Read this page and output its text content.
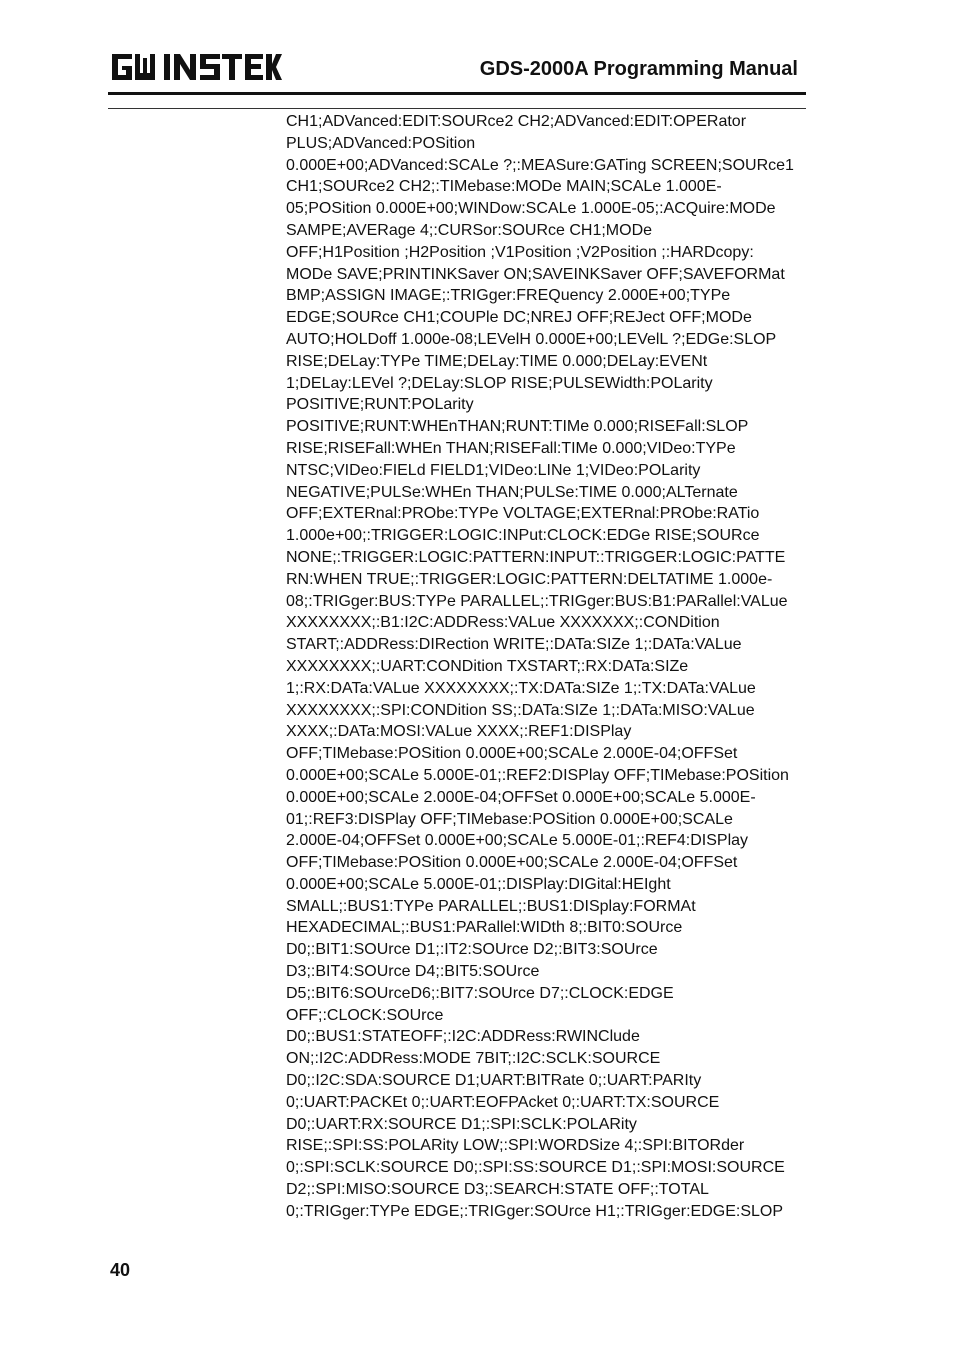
GDS-2000A Programming Manual
CH1;ADVanced:EDIT:SOURce2 CH2;ADVanced:EDIT:OPERator
PLUS;ADVanced:POSition
0.000E+00;ADVanced:SCALe ?;:MEASure:GATing SCREEN;SOURce1
CH1;SOURce2 CH2;:TIMebase:MODe MAIN;SCALe 1.000E-
05;POSition 0.000E+00;WINDow:SCALe 1.000E-05;:ACQuire:MODe
SAMPE;AVERage 4;:CURSor:SOURce CH1;MODe
OFF;H1Position ;H2Position ;V1Position ;V2Position ;:HARDcopy:
MODe SAVE;PRINTINKSaver ON;SAVEINKSaver OFF;SAVEFORMat
BMP;ASSIGN IMAGE;:TRIGger:FREQuency 2.000E+00;TYPe
EDGE;SOURce CH1;COUPle DC;NREJ OFF;REJect OFF;MODe
AUTO;HOLDoff 1.000e-08;LEVelH 0.000E+00;LEVelL ?;EDGe:SLOP
RISE;DELay:TYPe TIME;DELay:TIME 0.000;DELay:EVENt
1;DELay:LEVel ?;DELay:SLOP RISE;PULSEWidth:POLarity
POSITIVE;RUNT:POLarity
POSITIVE;RUNT:WHEnTHAN;RUNT:TIMe 0.000;RISEFall:SLOP
RISE;RISEFall:WHEn THAN;RISEFall:TIMe 0.000;VIDeo:TYPe
NTSC;VIDeo:FIELd FIELD1;VIDeo:LINe 1;VIDeo:POLarity
NEGATIVE;PULSe:WHEn THAN;PULSe:TIME 0.000;ALTernate
OFF;EXTERnal:PRObe:TYPe VOLTAGE;EXTERnal:PRObe:RATio
1.000e+00;:TRIGGER:LOGIC:INPut:CLOCK:EDGe RISE;SOURce
NONE;:TRIGGER:LOGIC:PATTERN:INPUT::TRIGGER:LOGIC:PATTE
RN:WHEN TRUE;:TRIGGER:LOGIC:PATTERN:DELTATIME 1.000e-
08;:TRIGger:BUS:TYPe PARALLEL;:TRIGger:BUS:B1:PARallel:VALue
XXXXXXXX;:B1:I2C:ADDRess:VALue XXXXXXX;:CONDition
START;:ADDRess:DIRection WRITE;:DATa:SIZe 1;:DATa:VALue
XXXXXXXX;:UART:CONDition TXSTART;:RX:DATa:SIZe
1;:RX:DATa:VALue XXXXXXXX;:TX:DATa:SIZe 1;:TX:DATa:VALue
XXXXXXXX;:SPI:CONDition SS;:DATa:SIZe 1;:DATa:MISO:VALue
XXXX;:DATa:MOSI:VALue XXXX;:REF1:DISPlay
OFF;TIMebase:POSition 0.000E+00;SCALe 2.000E-04;OFFSet
0.000E+00;SCALe 5.000E-01;:REF2:DISPlay OFF;TIMebase:POSition
0.000E+00;SCALe 2.000E-04;OFFSet 0.000E+00;SCALe 5.000E-
01;:REF3:DISPlay OFF;TIMebase:POSition 0.000E+00;SCALe
2.000E-04;OFFSet 0.000E+00;SCALe 5.000E-01;:REF4:DISPlay
OFF;TIMebase:POSition 0.000E+00;SCALe 2.000E-04;OFFSet
0.000E+00;SCALe 5.000E-01;:DISPlay:DIGital:HEIght
SMALL;:BUS1:TYPe PARALLEL;:BUS1:DISplay:FORMAt
HEXADECIMAL;:BUS1:PARallel:WIDth 8;:BIT0:SOUrce
D0;:BIT1:SOUrce D1;:IT2:SOUrce D2;:BIT3:SOUrce
D3;:BIT4:SOUrce D4;:BIT5:SOUrce
D5;:BIT6:SOUrceD6;:BIT7:SOUrce D7;:CLOCK:EDGE
OFF;:CLOCK:SOUrce
D0;:BUS1:STATEOFF;:I2C:ADDRess:RWINClude
ON;:I2C:ADDRess:MODE 7BIT;:I2C:SCLK:SOURCE
D0;:I2C:SDA:SOURCE D1;UART:BITRate 0;:UART:PARIty
0;:UART:PACKEt 0;:UART:EOFPAcket 0;:UART:TX:SOURCE
D0;:UART:RX:SOURCE D1;:SPI:SCLK:POLARity
RISE;:SPI:SS:POLARity LOW;:SPI:WORDSize 4;:SPI:BITORder
0;:SPI:SCLK:SOURCE D0;:SPI:SS:SOURCE D1;:SPI:MOSI:SOURCE
D2;:SPI:MISO:SOURCE D3;:SEARCH:STATE OFF;:TOTAL
0;:TRIGger:TYPe EDGE;:TRIGger:SOUrce H1;:TRIGger:EDGE:SLOP
40
